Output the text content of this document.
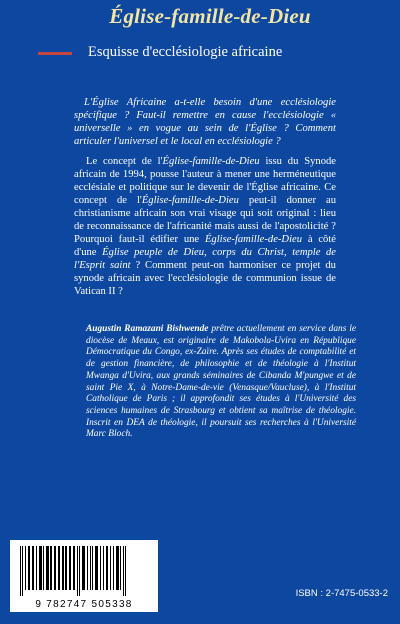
Église-famille-de-Dieu
Esquisse d'ecclésiologie africaine

L'Église Africaine a-t-elle besoin d'une ecclésiologie spécifique ? Faut-il remettre en cause l'ecclésiologie « universelle » en vogue au sein de l'Église ? Comment articuler l'universel et le local en ecclésiologie ?

Le concept de l'Église-famille-de-Dieu issu du Synode africain de 1994, pousse l'auteur à mener une herméneutique ecclésiale et politique sur le devenir de l'Église africaine. Ce concept de l'Église-famille-de-Dieu peut-il donner au christianisme africain son vrai visage qui soit original : lieu de reconnaissance de l'africanité mais aussi de l'apostolicité ? Pourquoi faut-il édifier une Église-famille-de-Dieu à côté d'une Église peuple de Dieu, corps du Christ, temple de l'Esprit saint ? Comment peut-on harmoniser ce projet du synode africain avec l'ecclésiologie de communion issue de Vatican II ?

Augustin Ramazani Bishwende prêtre actuellement en service dans le diocèse de Meaux, est originaire de Makobola-Uvira en République Démocratique du Congo, ex-Zaïre. Après ses études de comptabilité et de gestion financière, de philosophie et de théologie à l'Institut Mwanga d'Uvira, aux grands séminaires de Cibanda M'pungwe et de saint Pie X, à Notre-Dame-de-vie (Venasque/Vaucluse), à l'Institut Catholique de Paris ; il approfondit ses études à l'Université des sciences humaines de Strasbourg et obtient sa maîtrise de théologie. Inscrit en DEA de théologie, il poursuit ses recherches à l'Université Marc Bloch.

9 782747 505338
ISBN : 2-7475-0533-2
